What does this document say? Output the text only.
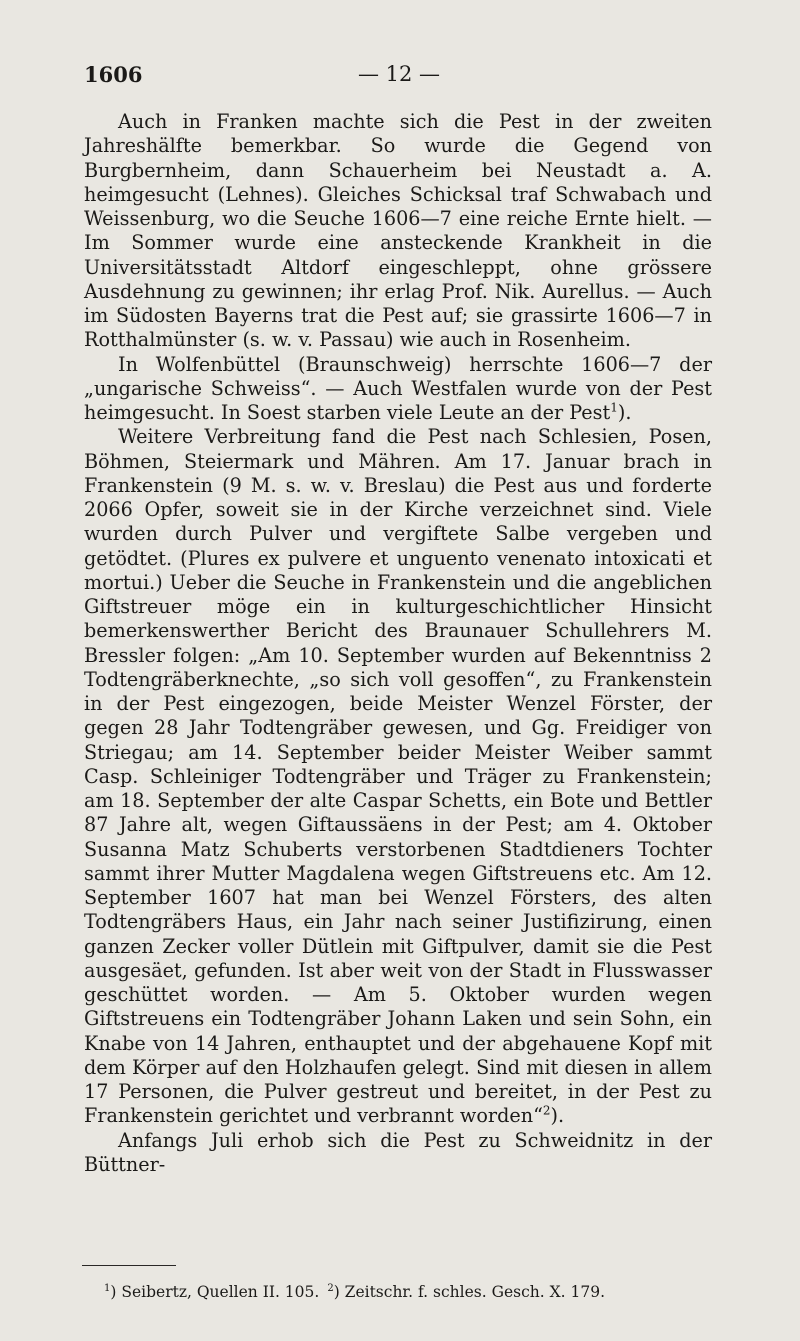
1606	— 12 —

Auch in Franken machte sich die Pest in der zweiten Jahreshälfte bemerkbar. So wurde die Gegend von Burgbernheim, dann Schauerheim bei Neustadt a. A. heimgesucht (Lehnes). Gleiches Schicksal traf Schwabach und Weissenburg, wo die Seuche 1606—7 eine reiche Ernte hielt. — Im Sommer wurde eine ansteckende Krankheit in die Universitätsstadt Altdorf eingeschleppt, ohne grössere Ausdehnung zu gewinnen; ihr erlag Prof. Nik. Aurellus. — Auch im Südosten Bayerns trat die Pest auf; sie grassirte 1606—7 in Rotthalmünster (s. w. v. Passau) wie auch in Rosenheim.

In Wolfenbüttel (Braunschweig) herrschte 1606—7 der „ungarische Schweiss“. — Auch Westfalen wurde von der Pest heimgesucht. In Soest starben viele Leute an der Pest$^1$).

Weitere Verbreitung fand die Pest nach Schlesien, Posen, Böhmen, Steiermark und Mähren. Am 17. Januar brach in Frankenstein (9 M. s. w. v. Breslau) die Pest aus und forderte 2066 Opfer, soweit sie in der Kirche verzeichnet sind. Viele wurden durch Pulver und vergiftete Salbe vergeben und getödtet. (Plures ex pulvere et unguento venenato intoxicati et mortui.) Ueber die Seuche in Frankenstein und die angeblichen Giftstreuer möge ein in kulturgeschichtlicher Hinsicht bemerkenswerther Bericht des Braunauer Schullehrers M. Bressler folgen: „Am 10. September wurden auf Bekenntniss 2 Todtengräberknechte, „so sich voll gesoffen“, zu Frankenstein in der Pest eingezogen, beide Meister Wenzel Förster, der gegen 28 Jahr Todtengräber gewesen, und Gg. Freidiger von Striegau; am 14. September beider Meister Weiber sammt Casp. Schleiniger Todtengräber und Träger zu Frankenstein; am 18. September der alte Caspar Schetts, ein Bote und Bettler 87 Jahre alt, wegen Giftaussäens in der Pest; am 4. Oktober Susanna Matz Schuberts verstorbenen Stadtdieners Tochter sammt ihrer Mutter Magdalena wegen Giftstreuens etc. Am 12. September 1607 hat man bei Wenzel Försters, des alten Todtengräbers Haus, ein Jahr nach seiner Justifizirung, einen ganzen Zecker voller Dütlein mit Giftpulver, damit sie die Pest ausgesäet, gefunden. Ist aber weit von der Stadt in Flusswasser geschüttet worden. — Am 5. Oktober wurden wegen Giftstreuens ein Todtengräber Johann Laken und sein Sohn, ein Knabe von 14 Jahren, enthauptet und der abgehauene Kopf mit dem Körper auf den Holzhaufen gelegt. Sind mit diesen in allem 17 Personen, die Pulver gestreut und bereitet, in der Pest zu Frankenstein gerichtet und verbrannt worden“$^2$).

Anfangs Juli erhob sich die Pest zu Schweidnitz in der Büttner-

$^1$) Seibertz, Quellen II. 105. $^2$) Zeitschr. f. schles. Gesch. X. 179.
